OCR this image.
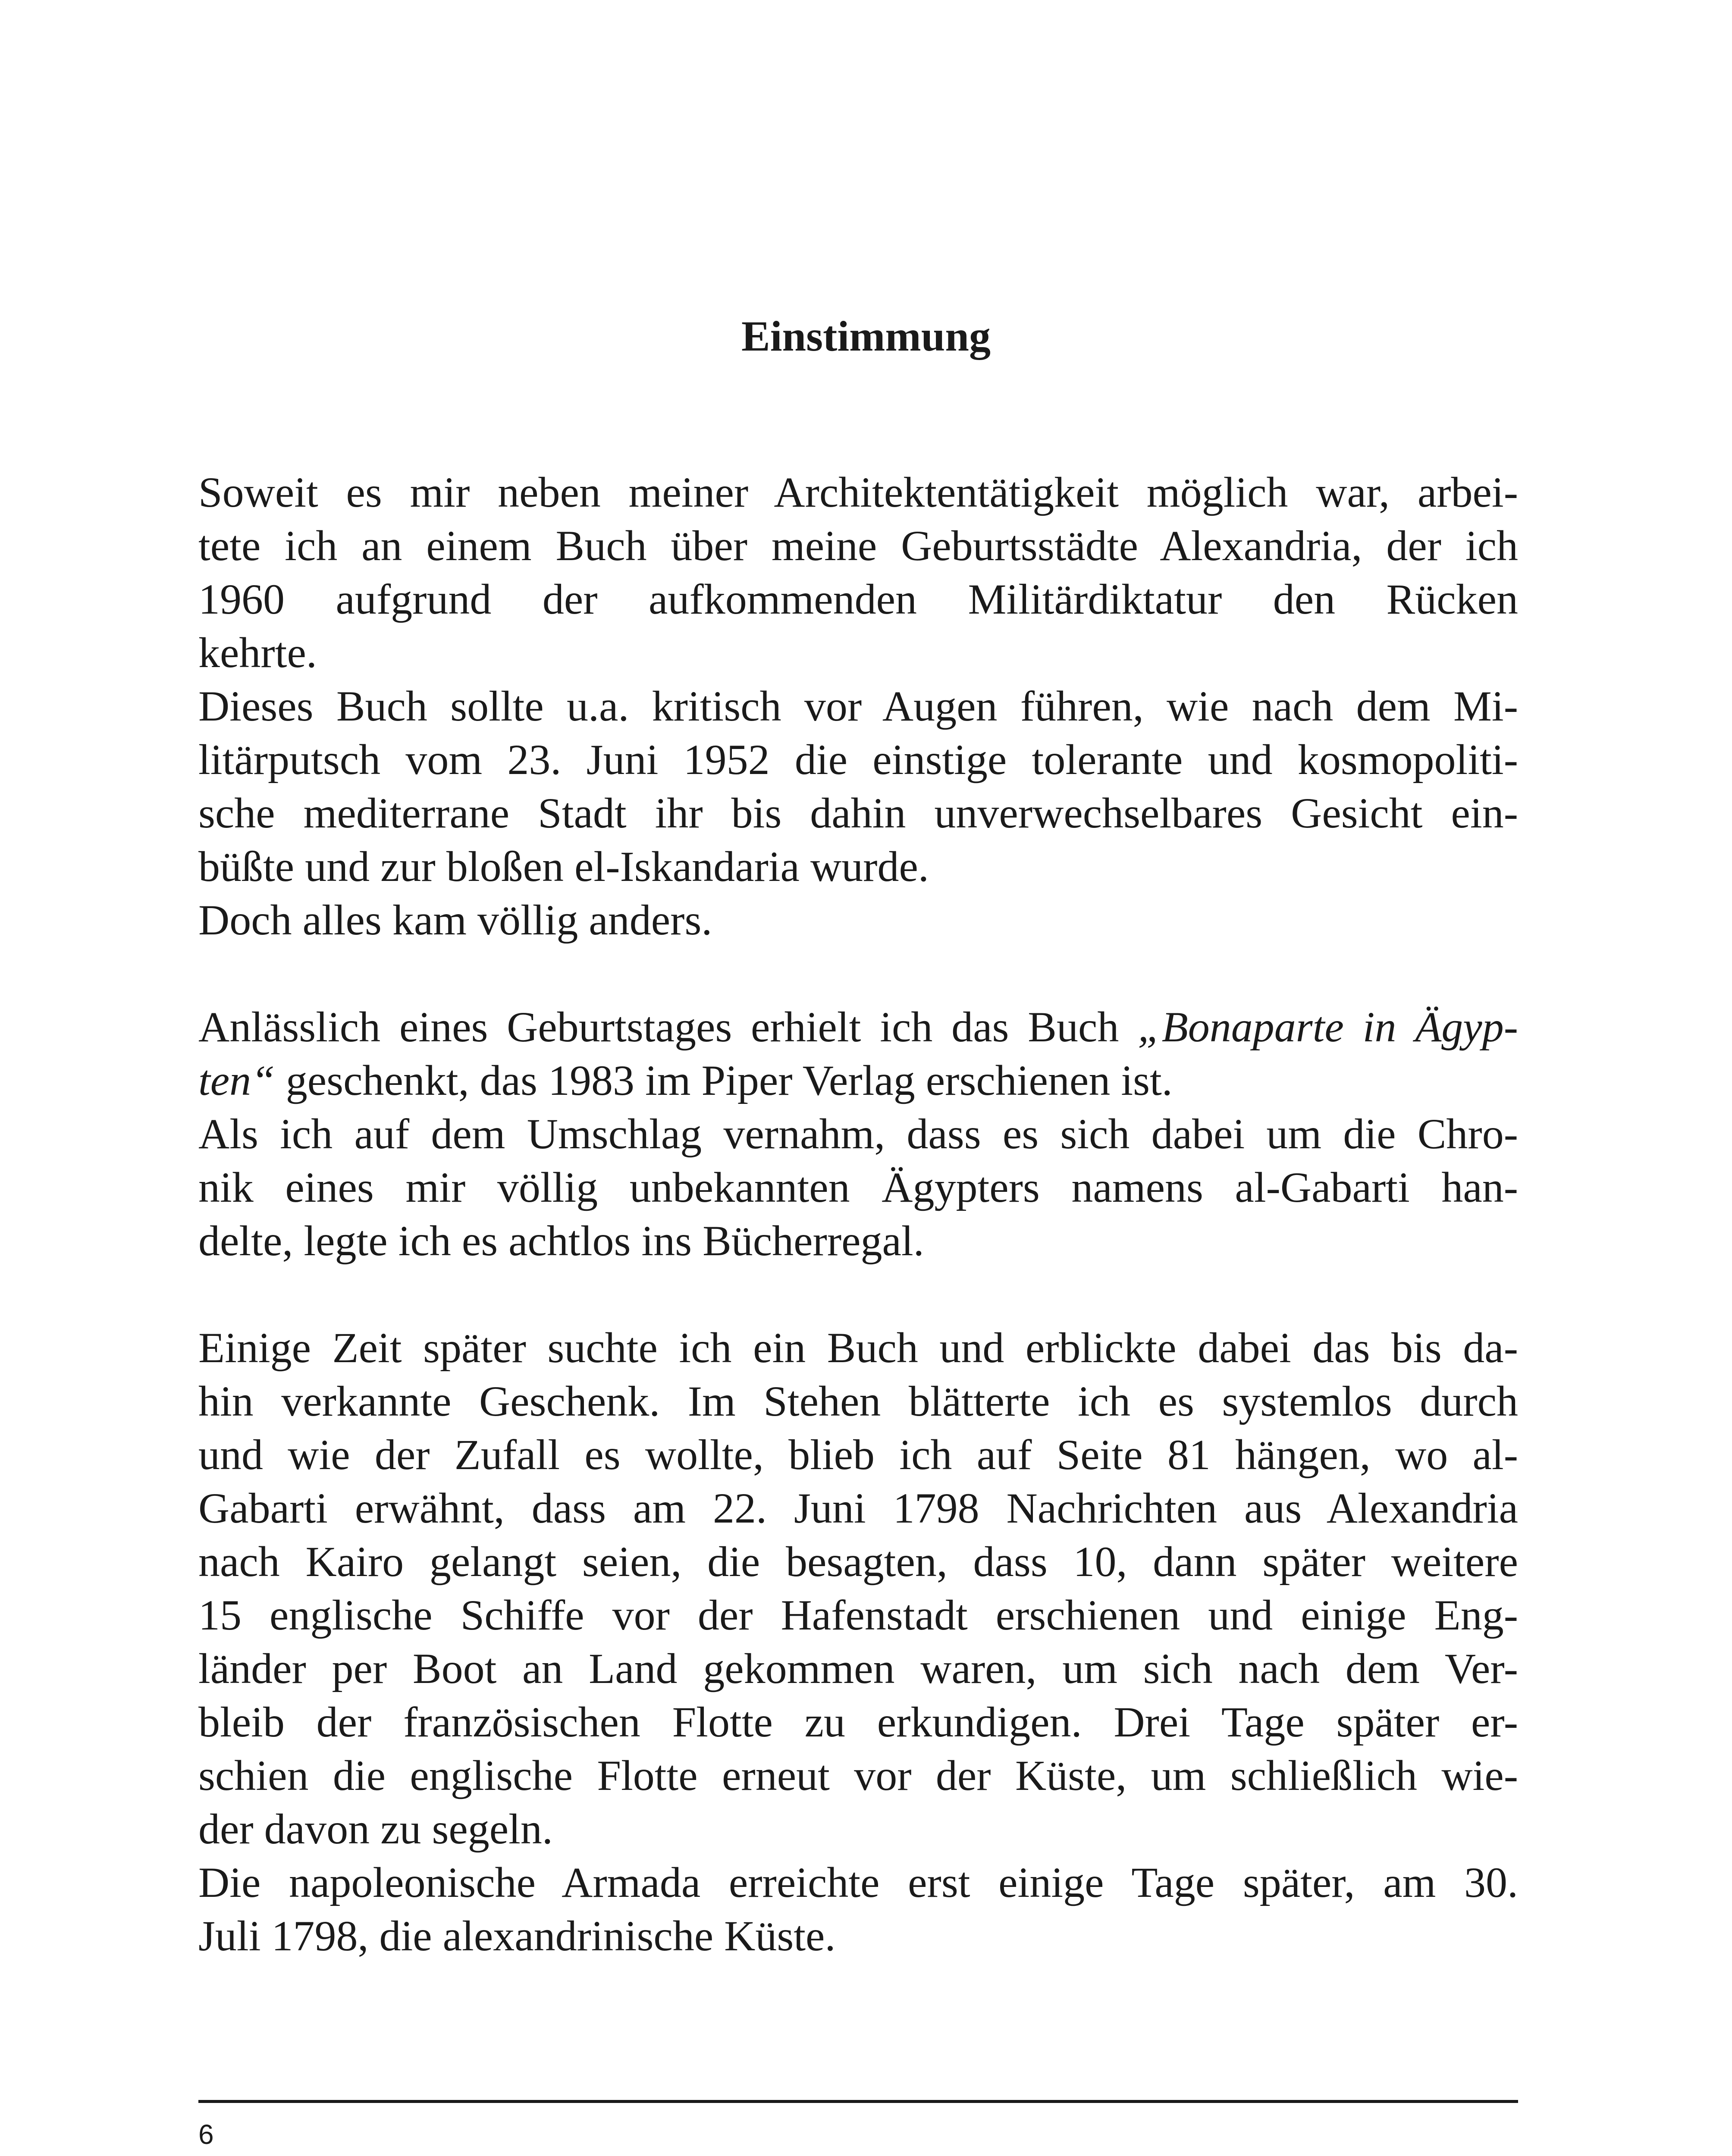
Einstimmung
Soweit es mir neben meiner Architektentätigkeit möglich war, arbei-
tete ich an einem Buch über meine Geburtsstädte Alexandria, der ich
1960 aufgrund der aufkommenden Militärdiktatur den Rücken
kehrte.
Dieses Buch sollte u.a. kritisch vor Augen führen, wie nach dem Mi-
litärputsch vom 23. Juni 1952 die einstige tolerante und kosmopoliti-
sche mediterrane Stadt ihr bis dahin unverwechselbares Gesicht ein-
büßte und zur bloßen el-Iskandaria wurde.
Doch alles kam völlig anders.
Anlässlich eines Geburtstages erhielt ich das Buch „Bonaparte in Ägyp-
ten“ geschenkt, das 1983 im Piper Verlag erschienen ist.
Als ich auf dem Umschlag vernahm, dass es sich dabei um die Chro-
nik eines mir völlig unbekannten Ägypters namens al-Gabarti han-
delte, legte ich es achtlos ins Bücherregal.
Einige Zeit später suchte ich ein Buch und erblickte dabei das bis da-
hin verkannte Geschenk. Im Stehen blätterte ich es systemlos durch
und wie der Zufall es wollte, blieb ich auf Seite 81 hängen, wo al-
Gabarti erwähnt, dass am 22. Juni 1798 Nachrichten aus Alexandria
nach Kairo gelangt seien, die besagten, dass 10, dann später weitere
15 englische Schiffe vor der Hafenstadt erschienen und einige Eng-
länder per Boot an Land gekommen waren, um sich nach dem Ver-
bleib der französischen Flotte zu erkundigen. Drei Tage später er-
schien die englische Flotte erneut vor der Küste, um schließlich wie-
der davon zu segeln.
Die napoleonische Armada erreichte erst einige Tage später, am 30.
Juli 1798, die alexandrinische Küste.
6
